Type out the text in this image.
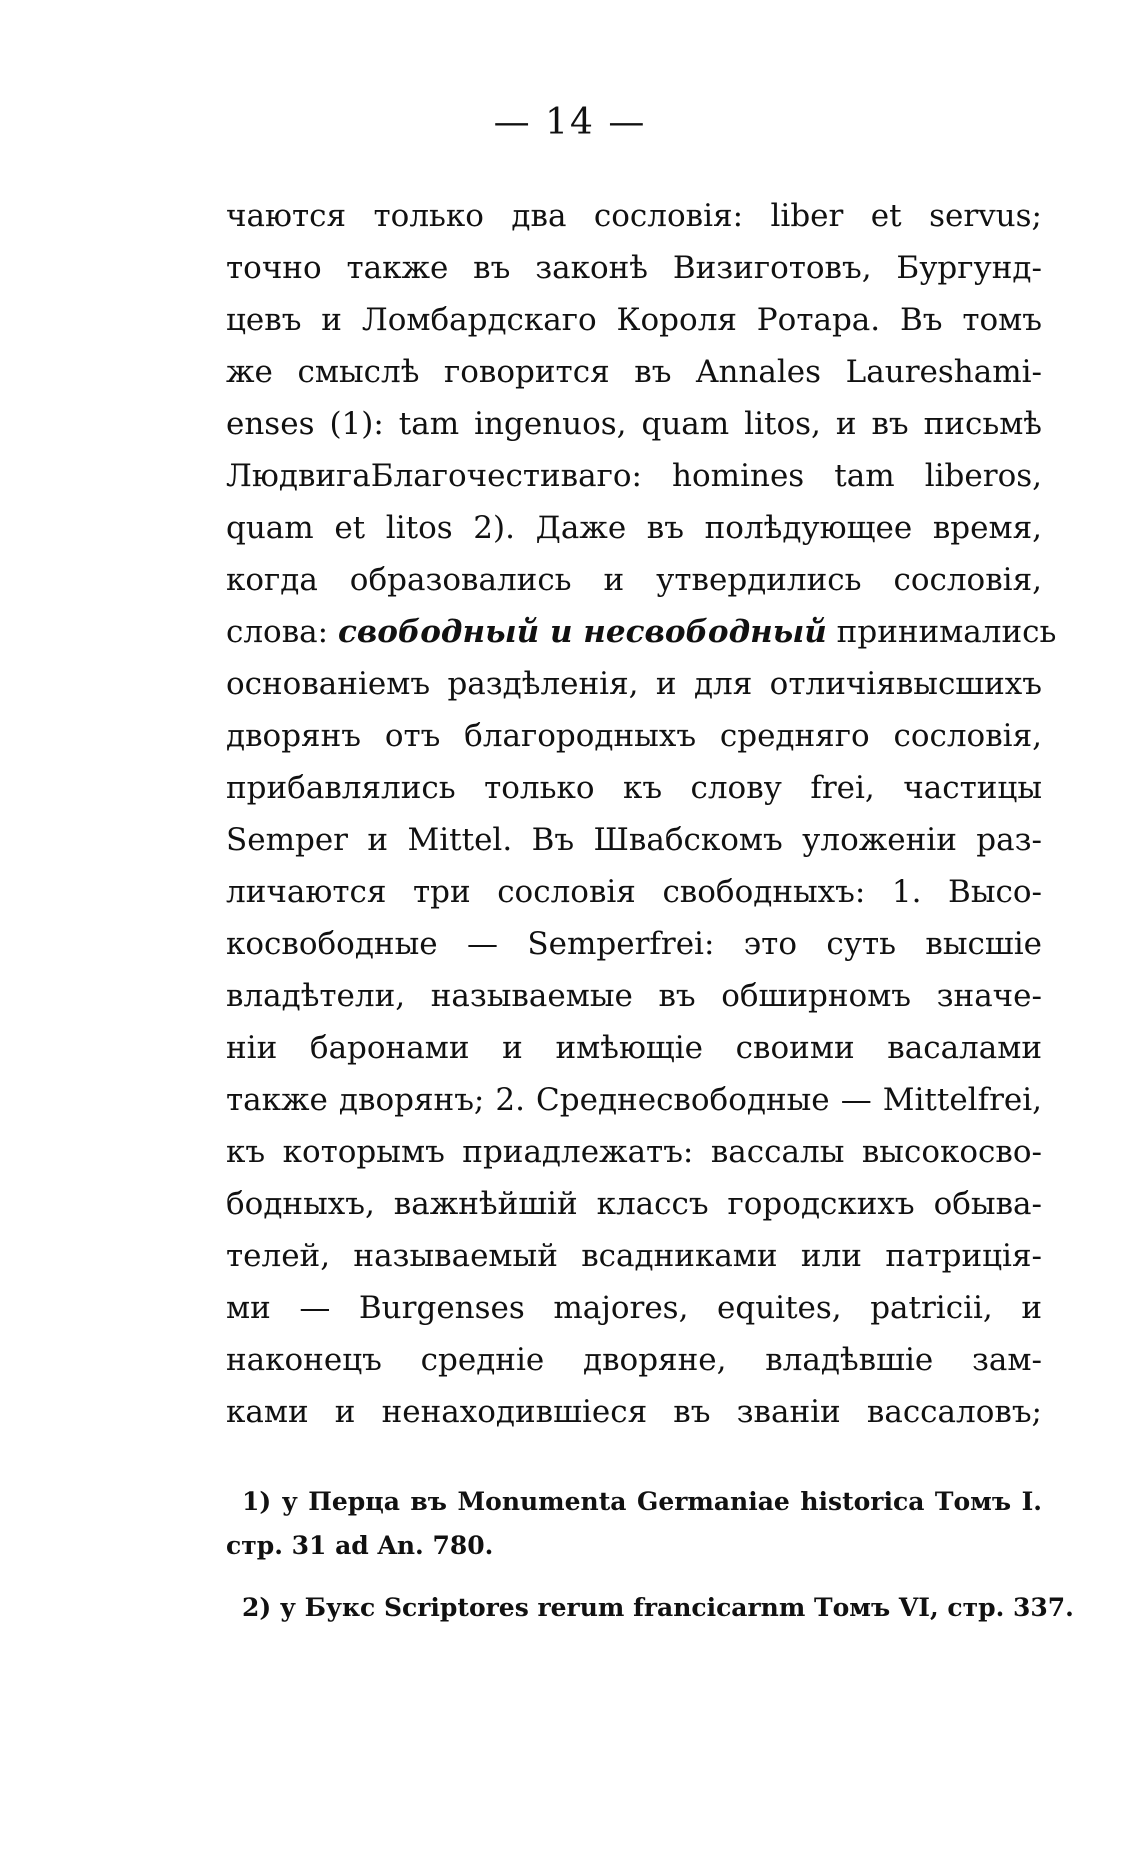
— 14 —
чаются только два сословія: liber et servus;
точно также въ законѣ Визиготовъ, Бургунд-
цевъ и Ломбардскаго Короля Ротара. Въ томъ
же смыслѣ говорится въ Annales Laureshami-
enses (1): tam ingenuos, quam litos, и въ письмѣ
ЛюдвигаБлагочестиваго: homines tam liberos,
quam et litos 2). Даже въ полѣдующее время,
когда образовались и утвердились сословія,
слова: свободный и несвободный принимались
основаніемъ раздѣленія, и для отличіявысшихъ
дворянъ отъ благородныхъ средняго сословія,
прибавлялись только къ слову frei, частицы
Semper и Mittel. Въ Швабскомъ уложеніи раз-
личаются три сословія свободныхъ: 1. Высо-
косвободные — Semperfrei: это суть высшіе
владѣтели, называемые въ обширномъ значе-
ніи баронами и имѣющіе своими васалами
также дворянъ; 2. Среднесвободные — Mittelfrei,
къ которымъ приадлежатъ: вассалы высокосво-
бодныхъ, важнѣйшій классъ городскихъ обыва-
телей, называемый всадниками или патриція-
ми — Burgenses majores, equites, patricii, и
наконецъ средніе дворяне, владѣвшіе зам-
ками и ненаходившіеся въ званіи вассаловъ;
1) у Перца въ Monumenta Germaniae historica Томъ I.
стр. 31 ad An. 780.
2) у Букс Scriptores rerum francicarnm Томъ VI, стр. 337.
